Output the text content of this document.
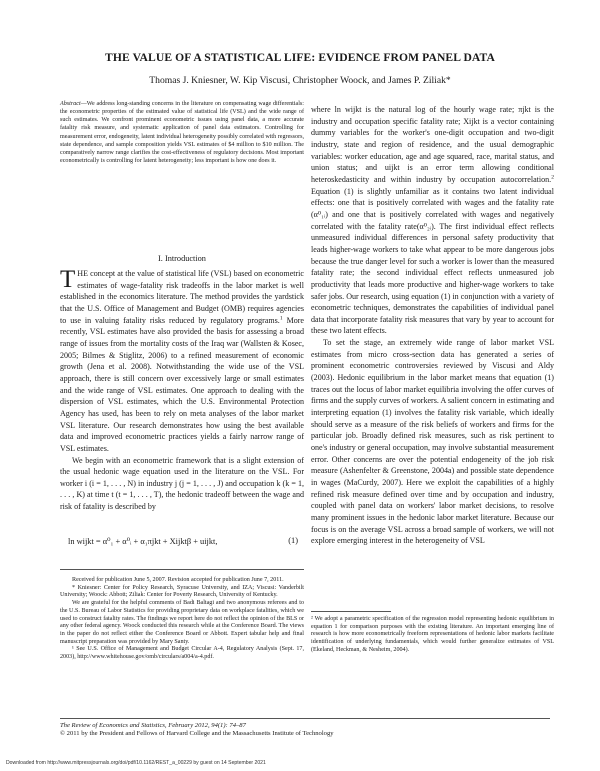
THE VALUE OF A STATISTICAL LIFE: EVIDENCE FROM PANEL DATA
Thomas J. Kniesner, W. Kip Viscusi, Christopher Woock, and James P. Ziliak*

Abstract—We address long-standing concerns in the literature on compensating wage differentials: the econometric properties of the estimated value of statistical life (VSL) and the wide range of such estimates. We confront prominent econometric issues using panel data, a more accurate fatality risk measure, and systematic application of panel data estimators. Controlling for measurement error, endogeneity, latent individual heterogeneity possibly correlated with regressors, state dependence, and sample composition yields VSL estimates of $4 million to $10 million. The comparatively narrow range clarifies the cost-effectiveness of regulatory decisions. Most important econometrically is controlling for latent heterogeneity; less important is how one does it.

I. Introduction

THE concept at the value of statistical life (VSL) based on econometric estimates of wage-fatality risk tradeoffs in the labor market is well established in the economics literature. The method provides the yardstick that the U.S. Office of Management and Budget (OMB) requires agencies to use in valuing fatality risks reduced by regulatory programs.$^1$ More recently, VSL estimates have also provided the basis for assessing a broad range of issues from the mortality costs of the Iraq war (Wallsten & Kosec, 2005; Bilmes & Stiglitz, 2006) to a refined measurement of economic growth (Jena et al. 2008). Notwithstanding the wide use of the VSL approach, there is still concern over excessively large or small estimates and the wide range of VSL estimates. One approach to dealing with the dispersion of VSL estimates, which the U.S. Environmental Protection Agency has used, has been to rely on meta analyses of the labor market VSL literature. Our research demonstrates how using the best available data and improved econometric practices yields a fairly narrow range of VSL estimates.

We begin with an econometric framework that is a slight extension of the usual hedonic wage equation used in the literature on the VSL. For worker i (i = 1, . . . , N) in industry j (j = 1, . . . , J) and occupation k (k = 1, . . . , K) at time t (t = 1, . . . , T), the hedonic tradeoff between the wage and risk of fatality is described by

ln wijkt = α⁰₁ + α⁰ᵢ + α₁πjkt + Xijktβ + uijkt,	(1)

Received for publication June 5, 2007. Revision accepted for publication June 7, 2011.

* Kniesner: Center for Policy Research, Syracuse University, and IZA; Viscusi: Vanderbilt University; Woock: Abbott; Ziliak: Center for Poverty Research, University of Kentucky.

We are grateful for the helpful comments of Badi Baltagi and two anonymous referees and to the U.S. Bureau of Labor Statistics for providing proprietary data on workplace fatalities, which we used to construct fatality rates. The findings we report here do not reflect the opinion of the BLS or any other federal agency. Woock conducted this research while at the Conference Board. The views in the paper do not reflect either the Conference Board or Abbott. Expert tabular help and final manuscript preparation was provided by Mary Santy.

¹ See U.S. Office of Management and Budget Circular A-4, Regulatory Analysis (Sept. 17, 2003), http://www.whitehouse.gov/omb/circulars/a004/a-4.pdf.

where ln wijkt is the natural log of the hourly wage rate; πjkt is the industry and occupation specific fatality rate; Xijkt is a vector containing dummy variables for the worker's one-digit occupation and two-digit industry, state and region of residence, and the usual demographic variables: worker education, age and age squared, race, marital status, and union status; and uijkt is an error term allowing conditional heteroskedasticity and within industry by occupation autocorrelation.$^2$ Equation (1) is slightly unfamiliar as it contains two latent individual effects: one that is positively correlated with wages and the fatality rate (α⁰₁ᵢ) and one that is positively correlated with wages and negatively correlated with the fatality rate(α⁰₂ᵢ). The first individual effect reflects unmeasured individual differences in personal safety productivity that leads higher-wage workers to take what appear to be more dangerous jobs because the true danger level for such a worker is lower than the measured fatality rate; the second individual effect reflects unmeasured job productivity that leads more productive and higher-wage workers to take safer jobs. Our research, using equation (1) in conjunction with a variety of econometric techniques, demonstrates the capabilities of individual panel data that incorporate fatality risk measures that vary by year to account for these two latent effects.

To set the stage, an extremely wide range of labor market VSL estimates from micro cross-section data has generated a series of prominent econometric controversies reviewed by Viscusi and Aldy (2003). Hedonic equilibrium in the labor market means that equation (1) traces out the locus of labor market equilibria involving the offer curves of firms and the supply curves of workers. A salient concern in estimating and interpreting equation (1) involves the fatality risk variable, which ideally should serve as a measure of the risk beliefs of workers and firms for the particular job. Broadly defined risk measures, such as risk pertinent to one's industry or general occupation, may involve substantial measurement error. Other concerns are over the potential endogeneity of the job risk measure (Ashenfelter & Greenstone, 2004a) and possible state dependence in wages (MaCurdy, 2007). Here we exploit the capabilities of a highly refined risk measure defined over time and by occupation and industry, coupled with panel data on workers' labor market decisions, to resolve many prominent issues in the hedonic labor market literature. Because our focus is on the average VSL across a broad sample of workers, we will not explore emerging interest in the heterogeneity of VSL

² We adopt a parametric specification of the regression model representing hedonic equilibrium in equation 1 for comparison purposes with the existing literature. An important emerging line of research is how more econometrically freeform representations of hedonic labor markets facilitate identification of underlying fundamentals, which would further generalize estimates of VSL (Ekeland, Heckman, & Nesheim, 2004).

The Review of Economics and Statistics, February 2012, 94(1): 74–87

© 2011 by the President and Fellows of Harvard College and the Massachusetts Institute of Technology

Downloaded from http://www.mitpressjournals.org/doi/pdf/10.1162/REST_a_00229 by guest on 14 September 2021
